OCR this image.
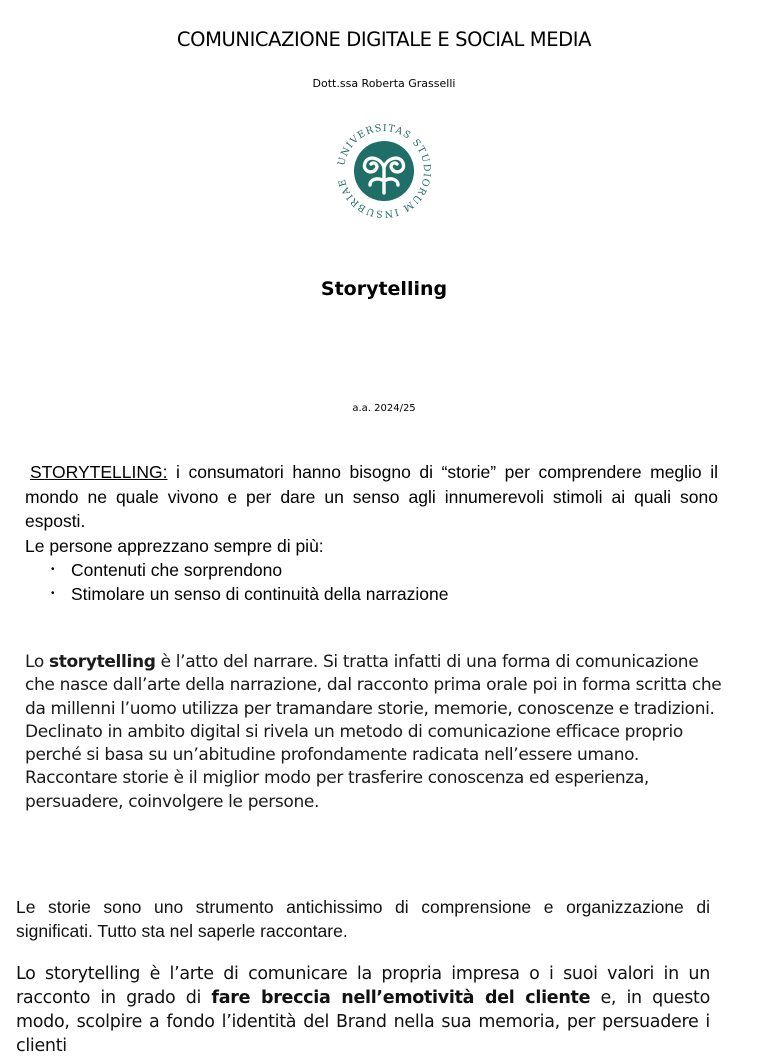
COMUNICAZIONE DIGITALE E SOCIAL MEDIA
Dott.ssa Roberta Grasselli
UNIVERSITAS STUDIORUM INSUBRIAE
Storytelling
a.a. 2024/25

STORYTELLING: i consumatori hanno bisogno di “storie” per comprendere meglio il mondo ne quale vivono e per dare un senso agli innumerevoli stimoli ai quali sono esposti.

Le persone apprezzano sempre di più:

• Contenuti che sorprendono
• Stimolare un senso di continuità della narrazione

Lo storytelling è l’atto del narrare. Si tratta infatti di una forma di comunicazione che nasce dall’arte della narrazione, dal racconto prima orale poi in forma scritta che da millenni l’uomo utilizza per tramandare storie, memorie, conoscenze e tradizioni.

Declinato in ambito digital si rivela un metodo di comunicazione efficace proprio perché si basa su un’abitudine profondamente radicata nell’essere umano. Raccontare storie è il miglior modo per trasferire conoscenza ed esperienza, persuadere, coinvolgere le persone.

Le storie sono uno strumento antichissimo di comprensione e organizzazione di significati. Tutto sta nel saperle raccontare.
Lo storytelling è l’arte di comunicare la propria impresa o i suoi valori in un racconto in grado di fare breccia nell’emotività del cliente e, in questo modo, scolpire a fondo l’identità del Brand nella sua memoria, per persuadere i clienti
